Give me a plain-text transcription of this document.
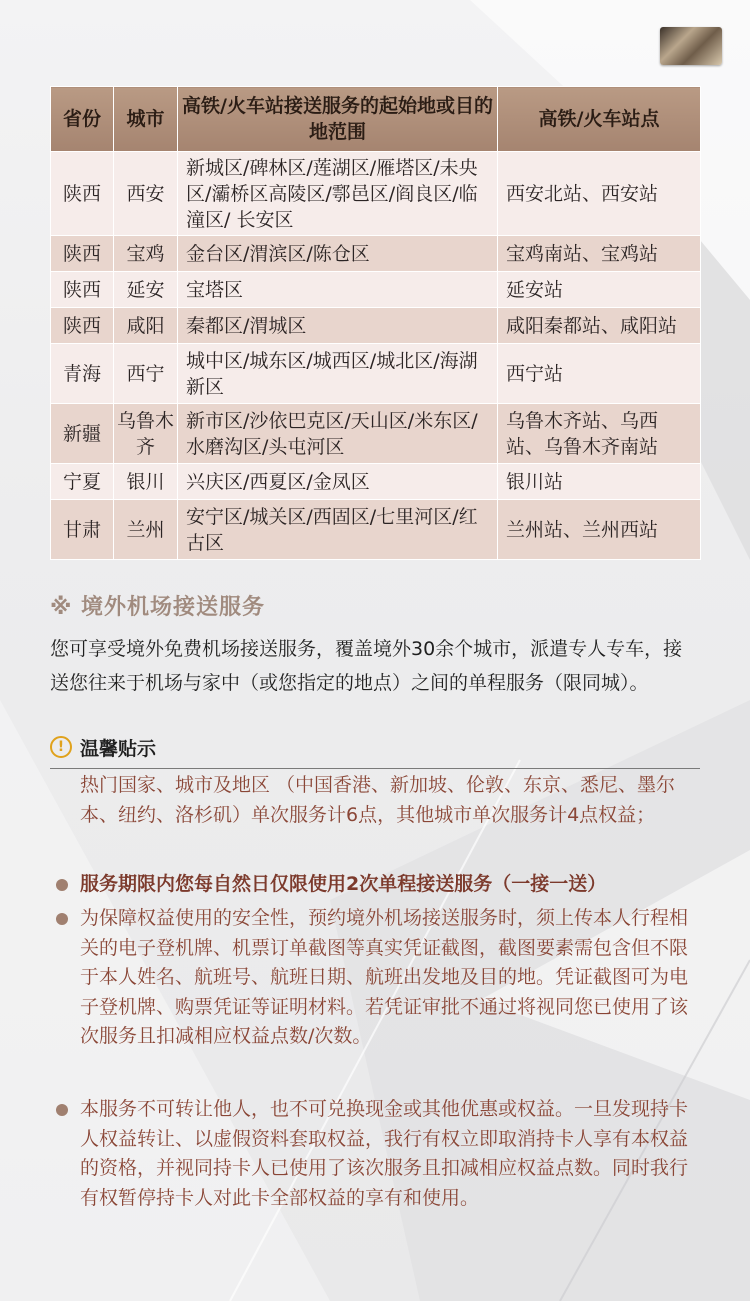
省份	城市	高铁/火车站接送服务的起始地或目的地范围	高铁/火车站点
陕西	西安	新城区/碑林区/莲湖区/雁塔区/未央区/灞桥区高陵区/鄠邑区/阎良区/临潼区/ 长安区	西安北站、西安站
陕西	宝鸡	金台区/渭滨区/陈仓区	宝鸡南站、宝鸡站
陕西	延安	宝塔区	延安站
陕西	咸阳	秦都区/渭城区	咸阳秦都站、咸阳站
青海	西宁	城中区/城东区/城西区/城北区/海湖新区	西宁站
新疆	乌鲁木齐	新市区/沙依巴克区/天山区/米东区/水磨沟区/头屯河区	乌鲁木齐站、乌西站、乌鲁木齐南站
宁夏	银川	兴庆区/西夏区/金凤区	银川站
甘肃	兰州	安宁区/城关区/西固区/七里河区/红古区	兰州站、兰州西站
※ 境外机场接送服务
您可享受境外免费机场接送服务，覆盖境外30余个城市，派遣专人专车，接送您往来于机场与家中（或您指定的地点）之间的单程服务（限同城）。
! 温馨贴示
热门国家、城市及地区 （中国香港、新加坡、伦敦、东京、悉尼、墨尔本、纽约、洛杉矶）单次服务计6点，其他城市单次服务计4点权益；
服务期限内您每自然日仅限使用2次单程接送服务（一接一送）
为保障权益使用的安全性，预约境外机场接送服务时，须上传本人行程相关的电子登机牌、机票订单截图等真实凭证截图，截图要素需包含但不限于本人姓名、航班号、航班日期、航班出发地及目的地。凭证截图可为电子登机牌、购票凭证等证明材料。若凭证审批不通过将视同您已使用了该次服务且扣减相应权益点数/次数。
本服务不可转让他人，也不可兑换现金或其他优惠或权益。一旦发现持卡人权益转让、以虚假资料套取权益，我行有权立即取消持卡人享有本权益的资格，并视同持卡人已使用了该次服务且扣减相应权益点数。同时我行有权暂停持卡人对此卡全部权益的享有和使用。
